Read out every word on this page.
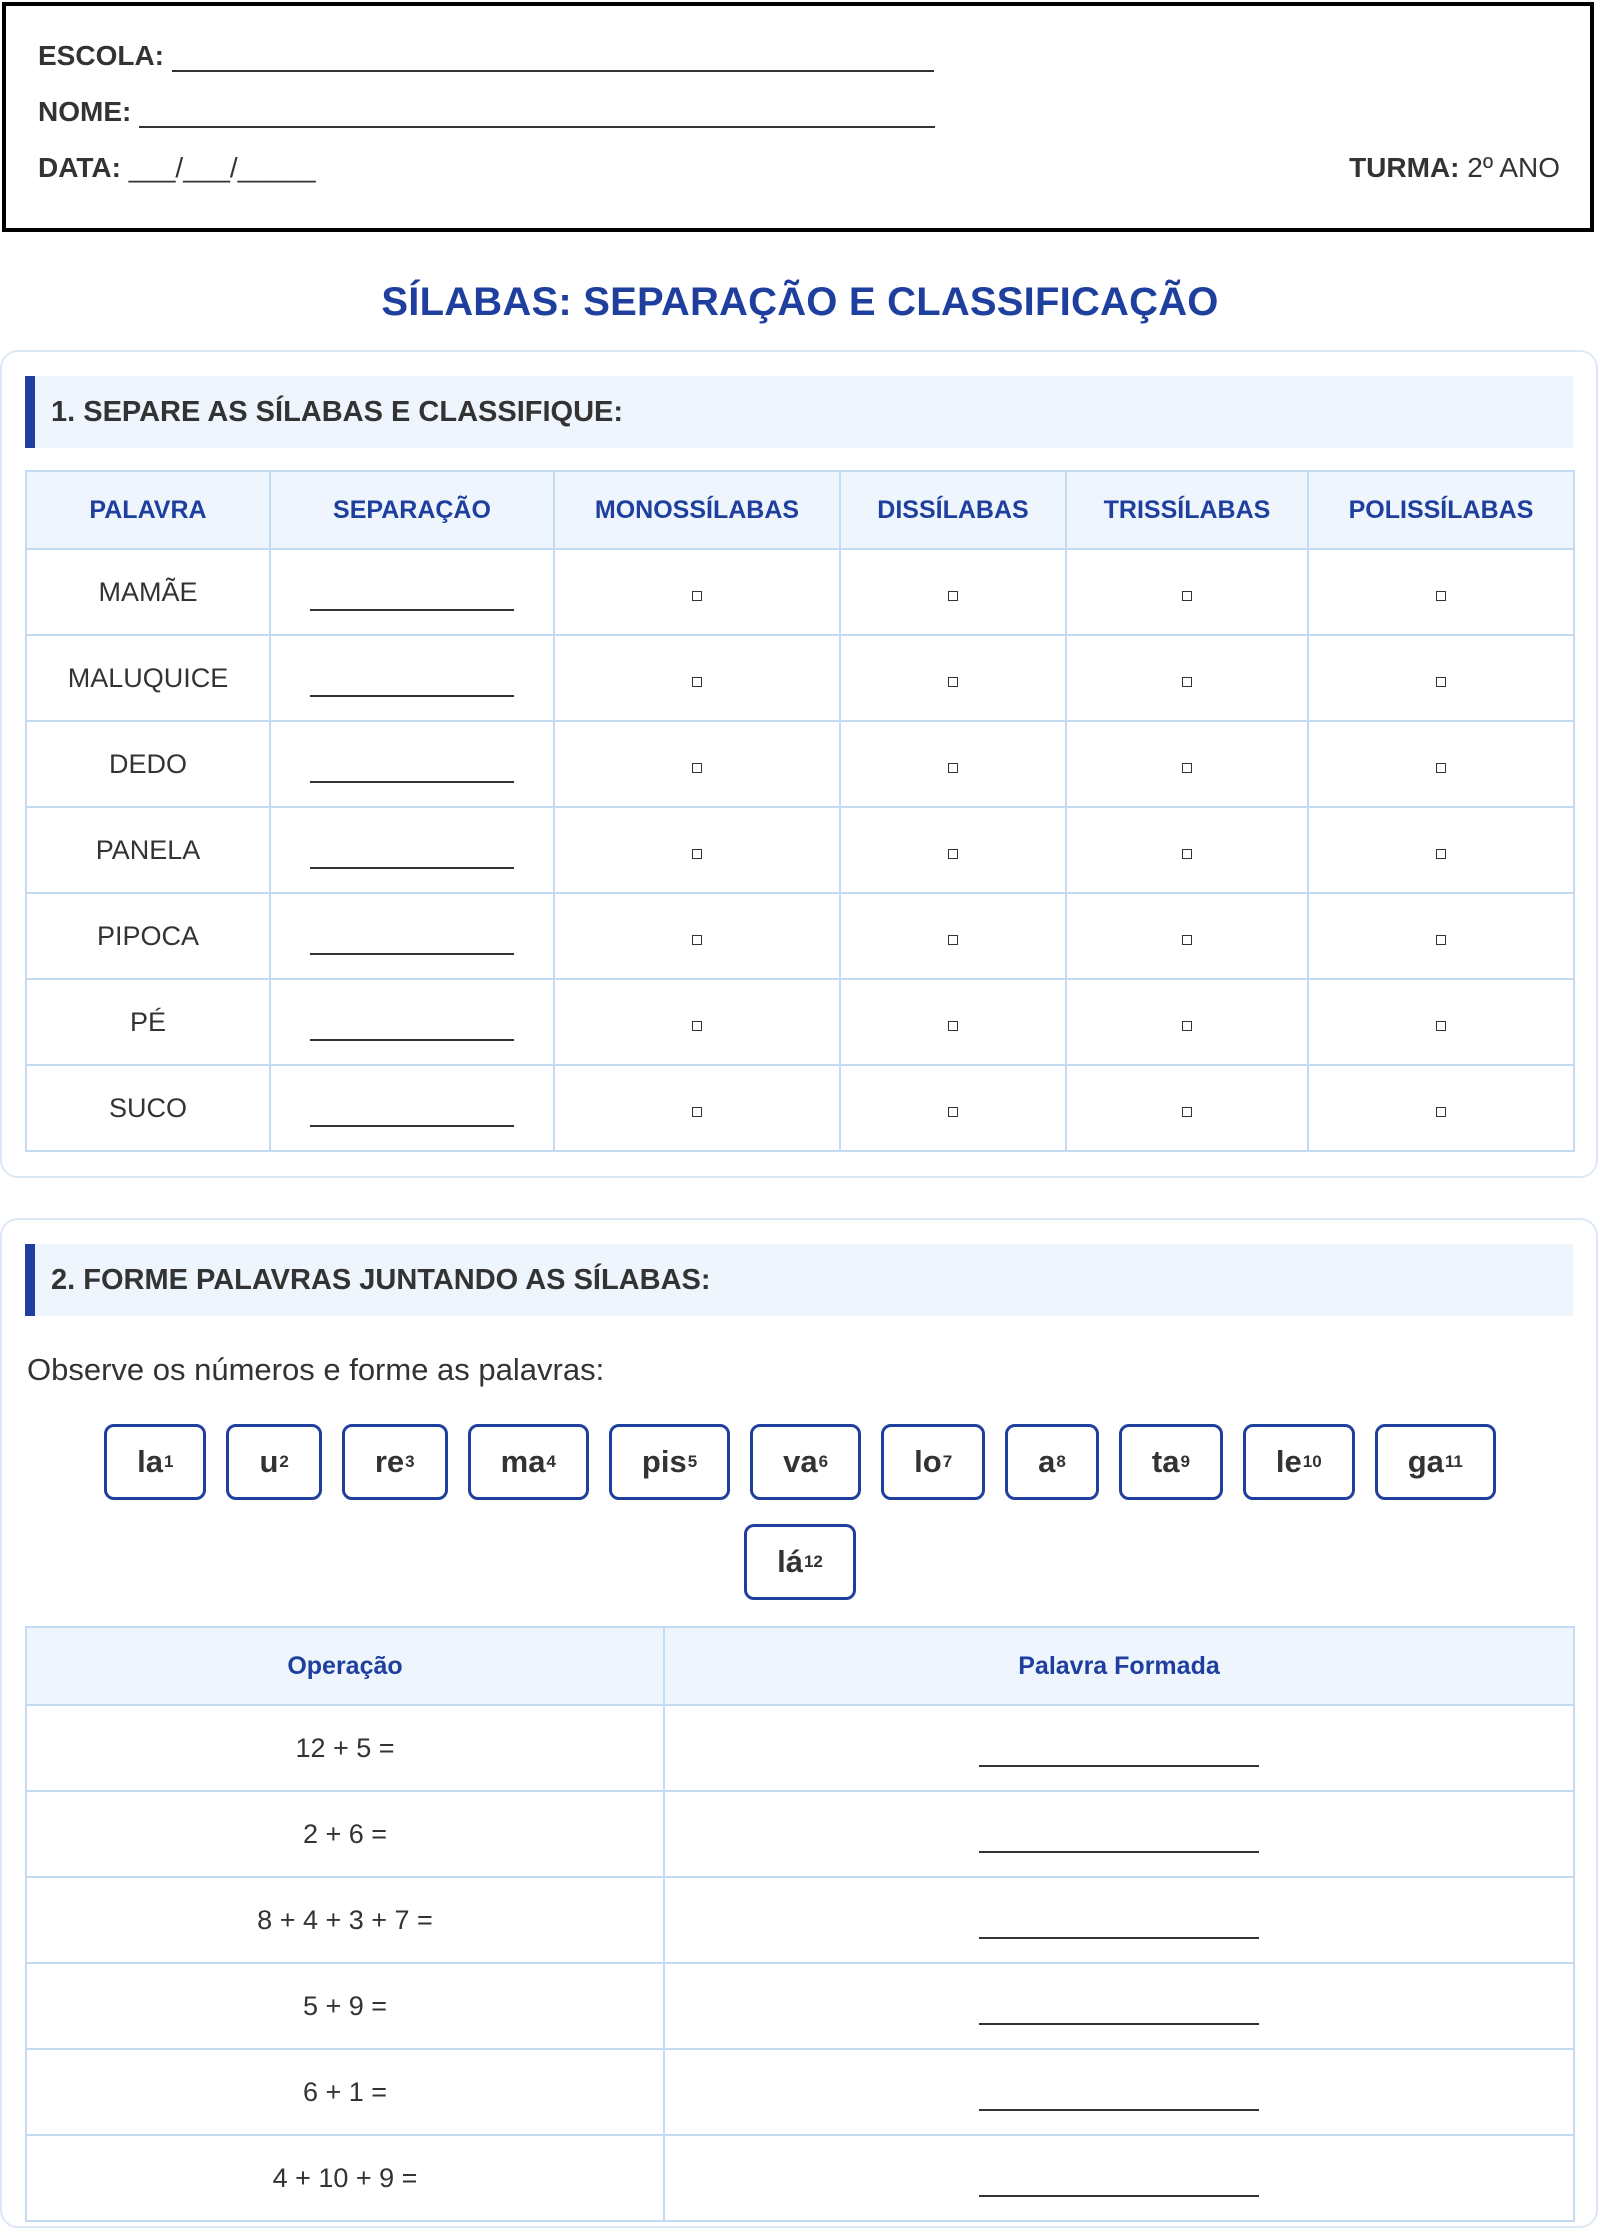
ESCOLA:
NOME:
DATA: ___/___/_____	TURMA: 2º ANO
SÍLABAS: SEPARAÇÃO E CLASSIFICAÇÃO
1. SEPARE AS SÍLABAS E CLASSIFIQUE:
PALAVRA	SEPARAÇÃO	MONOSSÍLABAS	DISSÍLABAS	TRISSÍLABAS	POLISSÍLABAS
MAMÃE					
MALUQUICE					
DEDO					
PANELA					
PIPOCA					
PÉ					
SUCO					
2. FORME PALAVRAS JUNTANDO AS SÍLABAS:
Observe os números e forme as palavras:
la 1	u 2	re 3	ma 4	pis 5	va 6	lo 7	a 8	ta 9	le 10	ga 11
lá 12
Operação	Palavra Formada
12 + 5 =	
2 + 6 =	
8 + 4 + 3 + 7 =	
5 + 9 =	
6 + 1 =	
4 + 10 + 9 =	
